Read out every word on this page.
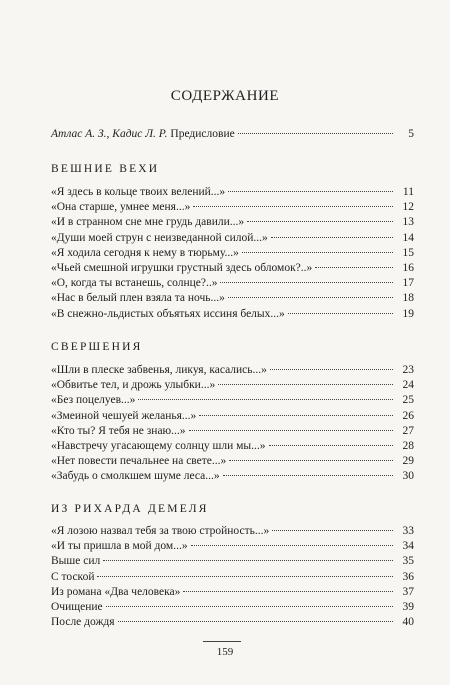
СОДЕРЖАНИЕ
Атлас А. З., Кадис Л. Р. Предисловие	5
ВЕШНИЕ ВЕХИ
«Я здесь в кольце твоих велений...»	11
«Она старше, умнее меня...»	12
«И в странном сне мне грудь давили...»	13
«Души моей струн с неизведанной силой...»	14
«Я ходила сегодня к нему в тюрьму...»	15
«Чьей смешной игрушки грустный здесь обломок?..»	16
«О, когда ты встанешь, солнце?..»	17
«Нас в белый плен взяла та ночь...»	18
«В снежно-льдистых объятьях иссиня белых...»	19
СВЕРШЕНИЯ
«Шли в плеске забвенья, ликуя, касались...»	23
«Обвитье тел, и дрожь улыбки...»	24
«Без поцелуев...»	25
«Змеиной чешуей желанья...»	26
«Кто ты? Я тебя не знаю...»	27
«Навстречу угасающему солнцу шли мы...»	28
«Нет повести печальнее на свете...»	29
«Забудь о смолкшем шуме леса...»	30
ИЗ РИХАРДА ДЕМЕЛЯ
«Я лозою назвал тебя за твою стройность...»	33
«И ты пришла в мой дом...»	34
Выше сил	35
С тоской	36
Из романа «Два человека»	37
Очищение	39
После дождя	40
159
